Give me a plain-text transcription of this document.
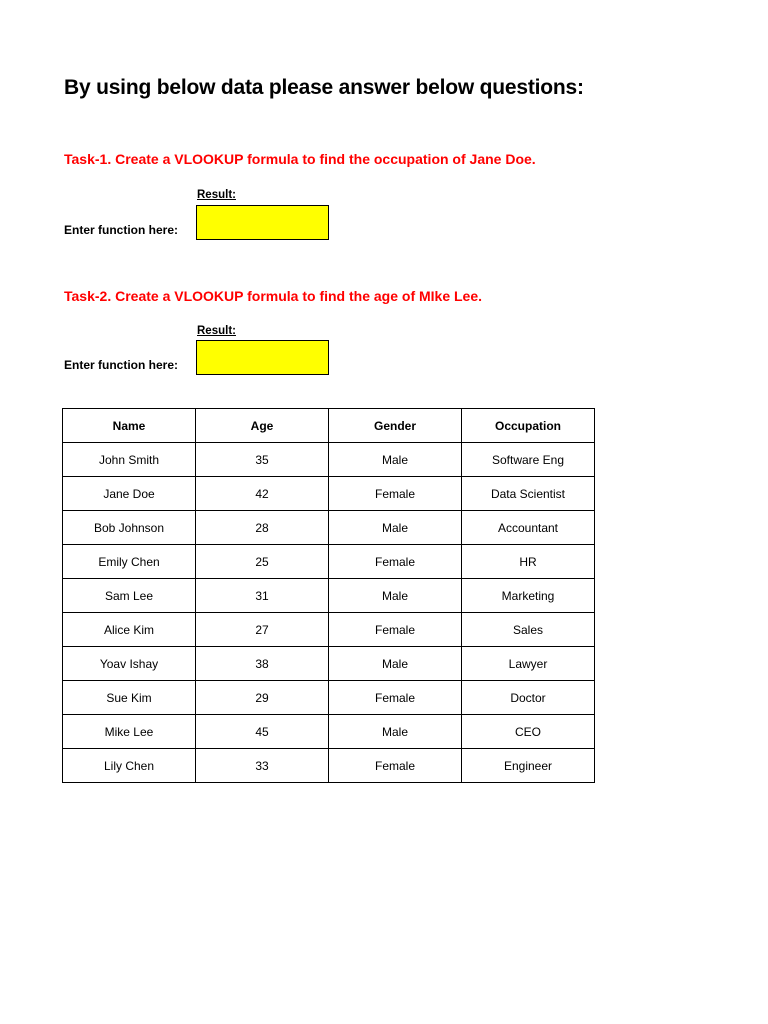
By using below data please answer below questions:
Task-1. Create a VLOOKUP formula to find the occupation of Jane Doe.
Result:
Enter function here:
Task-2. Create a VLOOKUP formula to find the age of MIke Lee.
Result:
Enter function here:
Name	Age	Gender	Occupation
John Smith	35	Male	Software Eng
Jane Doe	42	Female	Data Scientist
Bob Johnson	28	Male	Accountant
Emily Chen	25	Female	HR
Sam Lee	31	Male	Marketing
Alice Kim	27	Female	Sales
Yoav Ishay	38	Male	Lawyer
Sue Kim	29	Female	Doctor
Mike Lee	45	Male	CEO
Lily Chen	33	Female	Engineer
